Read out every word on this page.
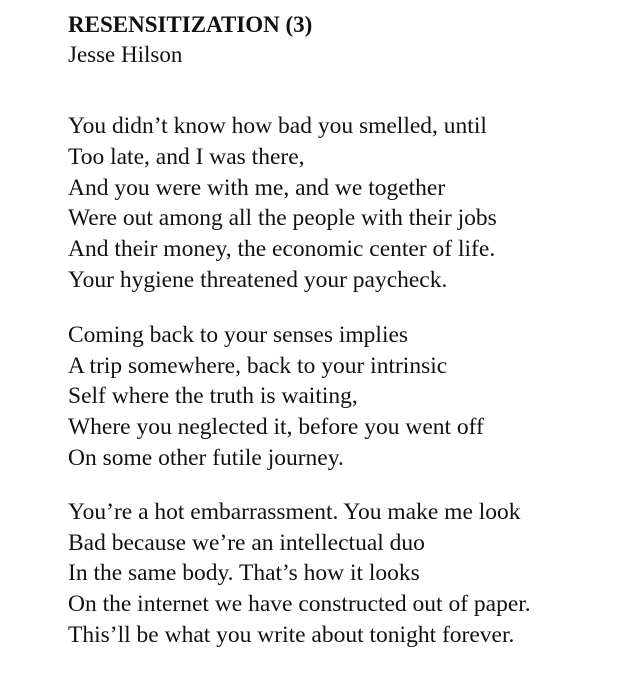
RESENSITIZATION (3)
Jesse Hilson

You didn’t know how bad you smelled, until
Too late, and I was there,
And you were with me, and we together
Were out among all the people with their jobs
And their money, the economic center of life.
Your hygiene threatened your paycheck.

Coming back to your senses implies
A trip somewhere, back to your intrinsic
Self where the truth is waiting,
Where you neglected it, before you went off
On some other futile journey.

You’re a hot embarrassment. You make me look
Bad because we’re an intellectual duo
In the same body. That’s how it looks
On the internet we have constructed out of paper.
This’ll be what you write about tonight forever.
